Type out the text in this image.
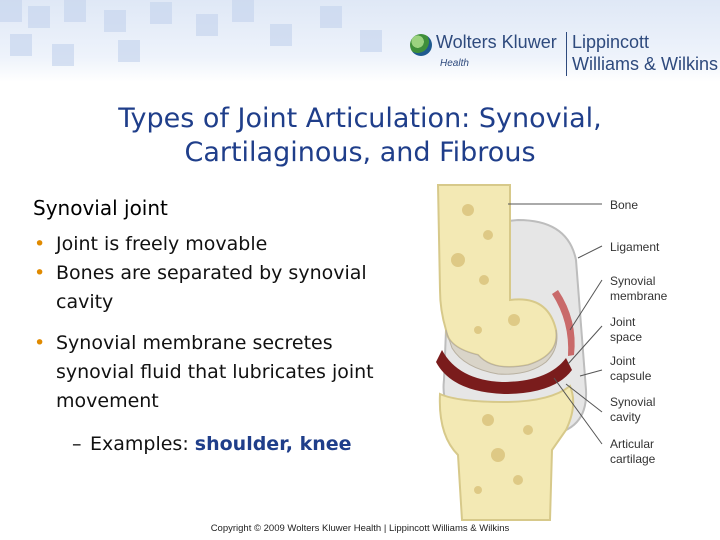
Wolters Kluwer
Health
Lippincott
Williams & Wilkins
Types of Joint Articulation: Synovial,
Cartilaginous, and Fibrous
Synovial joint
• Joint is freely movable
• Bones are separated by synovial cavity
• Synovial membrane secretes synovial fluid that lubricates joint movement
– Examples: shoulder, knee
Bone
Ligament
Synovial
membrane
Joint
space
Joint
capsule
Synovial
cavity
Articular
cartilage
Copyright © 2009 Wolters Kluwer Health | Lippincott Williams & Wilkins
